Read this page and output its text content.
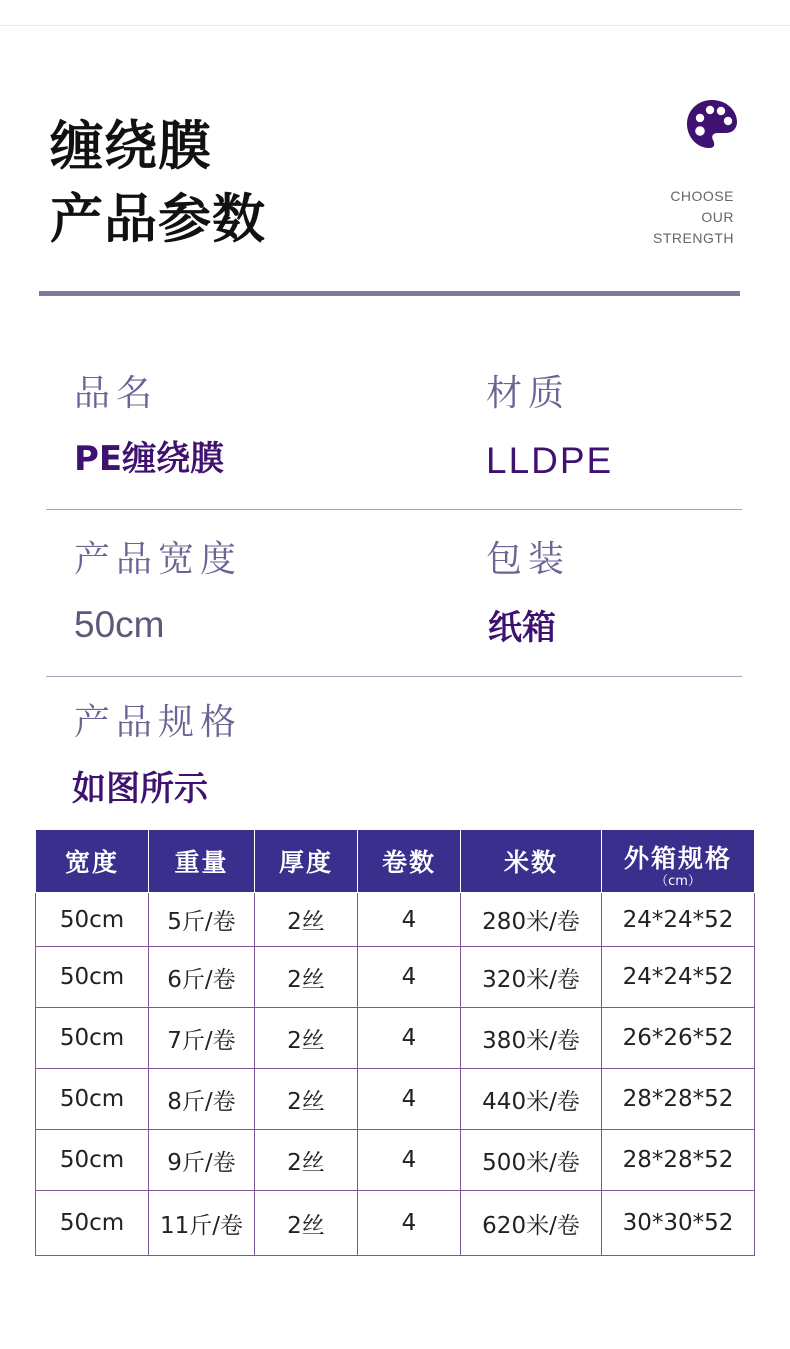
缠绕膜
产品参数	CHOOSE
OUR
STRENGTH
品名	材质
PE缠绕膜	LLDPE
产品宽度	包装
50cm	纸箱
产品规格
如图所示
宽度	重量	厚度	卷数	米数	外箱规格
（cm）

50cm	5斤/卷	2丝	4	280米/卷	24*24*52
50cm	6斤/卷	2丝	4	320米/卷	24*24*52
50cm	7斤/卷	2丝	4	380米/卷	26*26*52
50cm	8斤/卷	2丝	4	440米/卷	28*28*52
50cm	9斤/卷	2丝	4	500米/卷	28*28*52
50cm	11斤/卷	2丝	4	620米/卷	30*30*52
